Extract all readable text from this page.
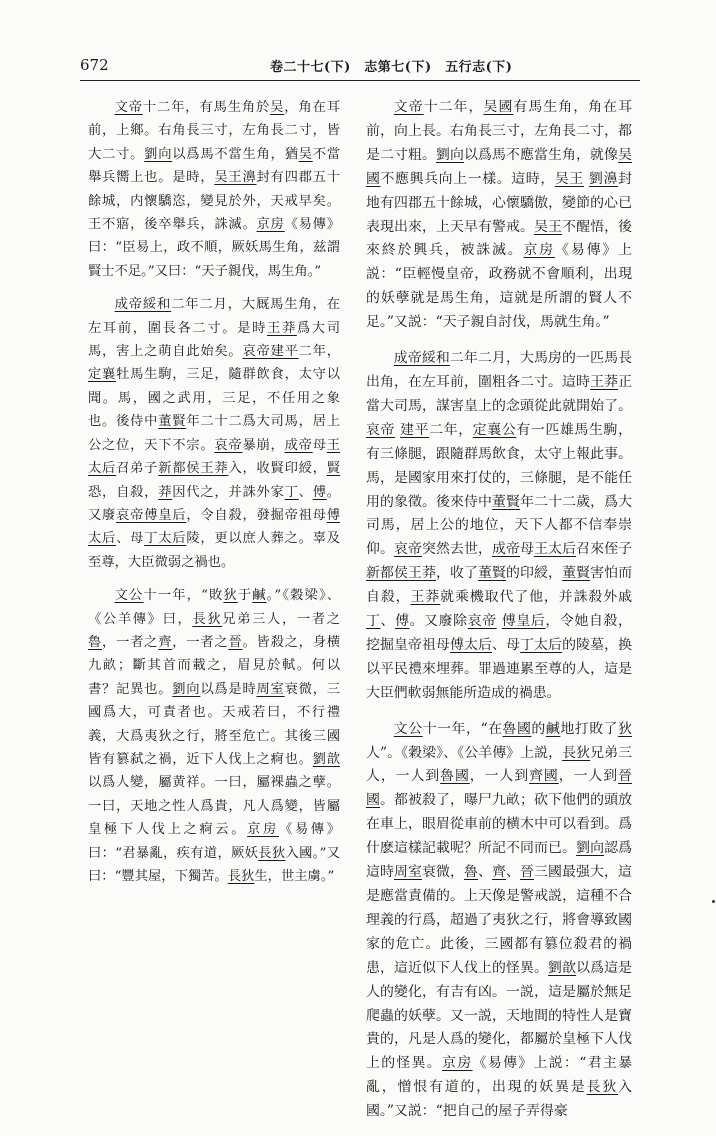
672	卷二十七(下)　志第七(下)　五行志(下)

文帝十二年，有馬生角於吴，角在耳前，上鄉。右角長三寸，左角長二寸，皆大二寸。劉向以爲馬不當生角，猶吴不當舉兵嚮上也。是時，吴王濞封有四郡五十餘城，内懷驕恣，變見於外，天戒早矣。王不寤，後卒舉兵，誅滅。京房《易傳》曰：“臣易上，政不順，厥妖馬生角，兹謂賢士不足。”又曰：“天子親伐，馬生角。”

成帝綏和二年二月，大厩馬生角，在左耳前，圍長各二寸。是時王莽爲大司馬，害上之萌自此始矣。哀帝建平二年，定襄牡馬生駒，三足，隨群飲食，太守以聞。馬，國之武用，三足，不任用之象也。後侍中董賢年二十二爲大司馬，居上公之位，天下不宗。哀帝暴崩，成帝母王太后召弟子新都侯王莽入，收賢印綬，賢恐，自殺，莽因代之，并誅外家丁、傅。又廢哀帝傅皇后，令自殺，發掘帝祖母傅太后、母丁太后陵，更以庶人葬之。辜及至尊，大臣微弱之禍也。

文公十一年，“敗狄于鹹。”《穀梁》、《公羊傳》曰，長狄兄弟三人，一者之魯，一者之齊，一者之晉。皆殺之，身横九畝；斷其首而載之，眉見於軾。何以書？記異也。劉向以爲是時周室衰微，三國爲大，可責者也。天戒若曰，不行禮義，大爲夷狄之行，將至危亡。其後三國皆有篡弑之禍，近下人伐上之痾也。劉歆以爲人變，屬黄祥。一曰，屬裸蟲之孽。一曰，天地之性人爲貴，凡人爲變，皆屬皇極下人伐上之痾云。京房《易傳》曰：“君暴亂，疾有道，厥妖長狄入國。”又曰：“豐其屋，下獨苦。長狄生，世主虜。”

文帝十二年，吴國有馬生角，角在耳前，向上長。右角長三寸，左角長二寸，都是二寸粗。劉向以爲馬不應當生角，就像吴國不應興兵向上一樣。這時，吴王 劉濞封地有四郡五十餘城，心懷驕傲，變節的心已表現出來，上天早有警戒。吴王不醒悟，後來終於興兵，被誅滅。京房《易傳》上説：“臣輕慢皇帝，政務就不會順利，出現的妖孽就是馬生角，這就是所謂的賢人不足。”又説：“天子親自討伐，馬就生角。”

成帝綏和二年二月，大馬房的一匹馬長出角，在左耳前，圍粗各二寸。這時王莽正當大司馬，謀害皇上的念頭從此就開始了。哀帝 建平二年，定襄公有一匹雄馬生駒，有三條腿，跟隨群馬飲食，太守上報此事。馬，是國家用來打仗的，三條腿，是不能任用的象徵。後來侍中董賢年二十二歲，爲大司馬，居上公的地位，天下人都不信奉崇仰。哀帝突然去世，成帝母王太后召來侄子新都侯王莽，收了董賢的印綬，董賢害怕而自殺，王莽就乘機取代了他，并誅殺外戚丁、傅。又廢除哀帝 傅皇后，令她自殺，挖掘皇帝祖母傅太后、母丁太后的陵墓，换以平民禮來埋葬。罪過連累至尊的人，這是大臣們軟弱無能所造成的禍患。

文公十一年，“在魯國的鹹地打敗了狄人”。《穀梁》、《公羊傳》上説，長狄兄弟三人，一人到魯國，一人到齊國，一人到晉國。都被殺了，曝尸九畝；砍下他們的頭放在車上，眼眉從車前的横木中可以看到。爲什麽這樣記載呢？所記不同而已。劉向認爲這時周室衰微，魯、齊、晉三國最强大，這是應當責備的。上天像是警戒説，這種不合理義的行爲，超過了夷狄之行，將會導致國家的危亡。此後，三國都有篡位殺君的禍患，這近似下人伐上的怪異。劉歆以爲這是人的變化，有吉有凶。一説，這是屬於無足爬蟲的妖孽。又一説，天地間的特性人是寶貴的，凡是人爲的變化，都屬於皇極下人伐上的怪異。京房《易傳》上説：“君主暴亂，憎恨有道的，出現的妖異是長狄入國。”又説：“把自己的屋子弄得豪
